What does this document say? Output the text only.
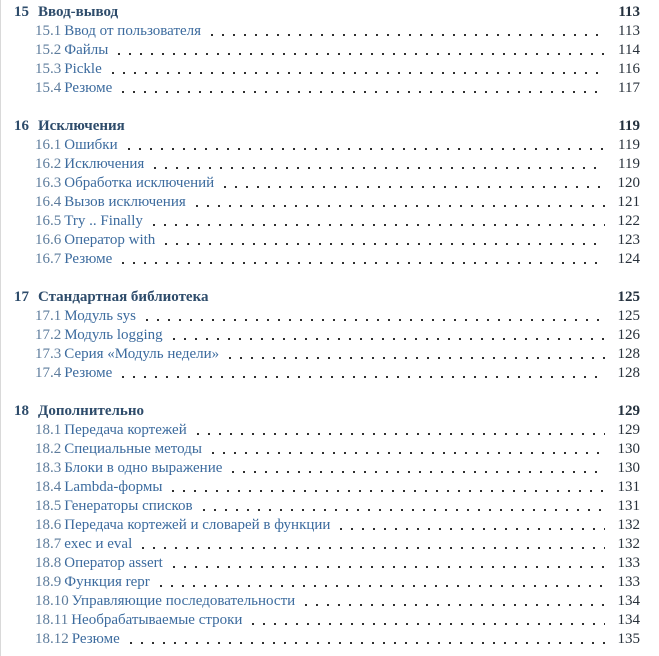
15 Ввод-вывод	113
15.1 Ввод от пользователя	113
15.2 Файлы	114
15.3 Pickle	116
15.4 Резюме	117
16 Исключения	119
16.1 Ошибки	119
16.2 Исключения	119
16.3 Обработка исключений	120
16.4 Вызов исключения	121
16.5 Try .. Finally	122
16.6 Оператор with	123
16.7 Резюме	124
17 Стандартная библиотека	125
17.1 Модуль sys	125
17.2 Модуль logging	126
17.3 Серия «Модуль недели»	128
17.4 Резюме	128
18 Дополнительно	129
18.1 Передача кортежей	129
18.2 Специальные методы	130
18.3 Блоки в одно выражение	130
18.4 Lambda-формы	131
18.5 Генераторы списков	131
18.6 Передача кортежей и словарей в функции	132
18.7 exec и eval	132
18.8 Оператор assert	133
18.9 Функция repr	133
18.10 Управляющие последовательности	134
18.11 Необрабатываемые строки	134
18.12 Резюме	135
